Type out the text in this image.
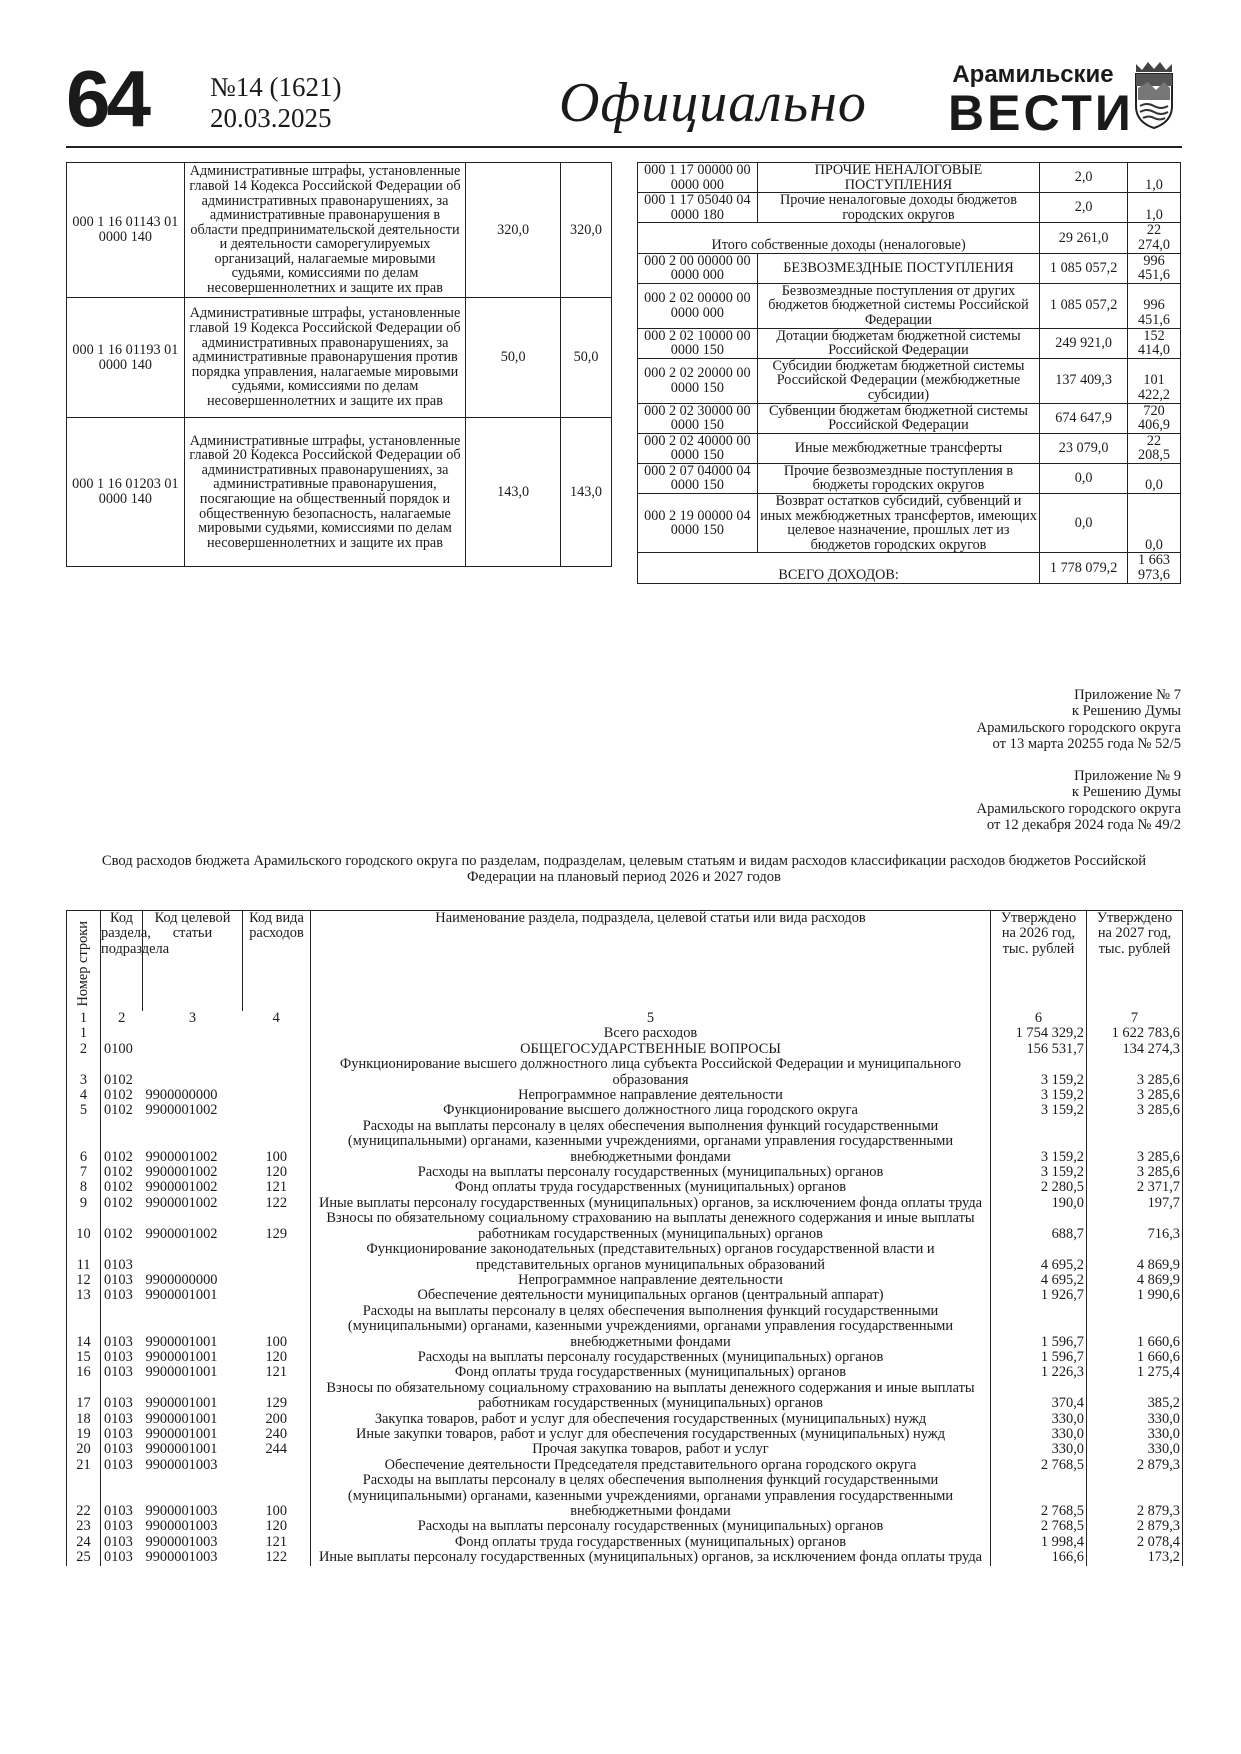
64 №14 (1621)
20.03.2025	Официально	Арамильские
ВЕСТИ
000 1 16 01143 01 0000 140	Административные штрафы, установленные главой 14 Кодекса Российской Федерации об административных правонарушениях, за административные правонарушения в области предпринимательской деятельности и деятельности саморегулируемых организаций, налагаемые мировыми судьями, комиссиями по делам несовершеннолетних и защите их прав	320,0	320,0
000 1 16 01193 01 0000 140	Административные штрафы, установленные главой 19 Кодекса Российской Федерации об административных правонарушениях, за административные правонарушения против порядка управления, налагаемые мировыми судьями, комиссиями по делам несовершеннолетних и защите их прав	50,0	50,0
000 1 16 01203 01 0000 140	Административные штрафы, установленные главой 20 Кодекса Российской Федерации об административных правонарушениях, за административные правонарушения, посягающие на общественный порядок и общественную безопасность, налагаемые мировыми судьями, комиссиями по делам несовершеннолетних и защите их прав	143,0	143,0
000 1 17 00000 00 0000 000	ПРОЧИЕ НЕНАЛОГОВЫЕ ПОСТУПЛЕНИЯ	2,0	1,0
000 1 17 05040 04 0000 180	Прочие неналоговые доходы бюджетов городских округов	2,0	1,0
Итого собственные доходы (неналоговые)		29 261,0	22 274,0
000 2 00 00000 00 0000 000	БЕЗВОЗМЕЗДНЫЕ ПОСТУПЛЕНИЯ	1 085 057,2	996 451,6
000 2 02 00000 00 0000 000	Безвозмездные поступления от других бюджетов бюджетной системы Российской Федерации	1 085 057,2	996 451,6
000 2 02 10000 00 0000 150	Дотации бюджетам бюджетной системы Российской Федерации	249 921,0	152 414,0
000 2 02 20000 00 0000 150	Субсидии бюджетам бюджетной системы Российской Федерации (межбюджетные субсидии)	137 409,3	101 422,2
000 2 02 30000 00 0000 150	Субвенции бюджетам бюджетной системы Российской Федерации	674 647,9	720 406,9
000 2 02 40000 00 0000 150	Иные межбюджетные трансферты	23 079,0	22 208,5
000 2 07 04000 04 0000 150	Прочие безвозмездные поступления в бюджеты городских округов	0,0	0,0
000 2 19 00000 04 0000 150	Возврат остатков субсидий, субвенций и иных межбюджетных трансфертов, имеющих целевое назначение, прошлых лет из бюджетов городских округов	0,0	0,0
ВСЕГО ДОХОДОВ:		1 778 079,2	1 663 973,6
Приложение № 7
к Решению Думы
Арамильского городского округа
от 13 марта 20255 года № 52/5
Приложение № 9
к Решению Думы
Арамильского городского округа
от 12 декабря 2024 года № 49/2
Свод расходов бюджета Арамильского городского округа по разделам, подразделам, целевым статьям и видам расходов классификации расходов бюджетов Российской Федерации на плановый период 2026 и 2027 годов
Номер строки	Код раздела, подраздела	Код целевой статьи	Код вида расходов	Наименование раздела, подраздела, целевой статьи или вида расходов	Утверждено на 2026 год, тыс. рублей	Утверждено на 2027 год, тыс. рублей
1	2	3	4	5	6	7
1				Всего расходов	1 754 329,2	1 622 783,6
2	0100			ОБЩЕГОСУДАРСТВЕННЫЕ ВОПРОСЫ	156 531,7	134 274,3
3	0102			Функционирование высшего должностного лица субъекта Российской Федерации и муниципального образования	3 159,2	3 285,6
4	0102	9900000000		Непрограммное направление деятельности	3 159,2	3 285,6
5	0102	9900001002		Функционирование высшего должностного лица городского округа	3 159,2	3 285,6
6	0102	9900001002	100	Расходы на выплаты персоналу в целях обеспечения выполнения функций государственными (муниципальными) органами, казенными учреждениями, органами управления государственными внебюджетными фондами	3 159,2	3 285,6
7	0102	9900001002	120	Расходы на выплаты персоналу государственных (муниципальных) органов	3 159,2	3 285,6
8	0102	9900001002	121	Фонд оплаты труда государственных (муниципальных) органов	2 280,5	2 371,7
9	0102	9900001002	122	Иные выплаты персоналу государственных (муниципальных) органов, за исключением фонда оплаты труда	190,0	197,7
10	0102	9900001002	129	Взносы по обязательному социальному страхованию на выплаты денежного содержания и иные выплаты работникам государственных (муниципальных) органов	688,7	716,3
11	0103			Функционирование законодательных (представительных) органов государственной власти и представительных органов муниципальных образований	4 695,2	4 869,9
12	0103	9900000000		Непрограммное направление деятельности	4 695,2	4 869,9
13	0103	9900001001		Обеспечение деятельности муниципальных органов (центральный аппарат)	1 926,7	1 990,6
14	0103	9900001001	100	Расходы на выплаты персоналу в целях обеспечения выполнения функций государственными (муниципальными) органами, казенными учреждениями, органами управления государственными внебюджетными фондами	1 596,7	1 660,6
15	0103	9900001001	120	Расходы на выплаты персоналу государственных (муниципальных) органов	1 596,7	1 660,6
16	0103	9900001001	121	Фонд оплаты труда государственных (муниципальных) органов	1 226,3	1 275,4
17	0103	9900001001	129	Взносы по обязательному социальному страхованию на выплаты денежного содержания и иные выплаты работникам государственных (муниципальных) органов	370,4	385,2
18	0103	9900001001	200	Закупка товаров, работ и услуг для обеспечения государственных (муниципальных) нужд	330,0	330,0
19	0103	9900001001	240	Иные закупки товаров, работ и услуг для обеспечения государственных (муниципальных) нужд	330,0	330,0
20	0103	9900001001	244	Прочая закупка товаров, работ и услуг	330,0	330,0
21	0103	9900001003		Обеспечение деятельности Председателя представительного органа городского округа	2 768,5	2 879,3
22	0103	9900001003	100	Расходы на выплаты персоналу в целях обеспечения выполнения функций государственными (муниципальными) органами, казенными учреждениями, органами управления государственными внебюджетными фондами	2 768,5	2 879,3
23	0103	9900001003	120	Расходы на выплаты персоналу государственных (муниципальных) органов	2 768,5	2 879,3
24	0103	9900001003	121	Фонд оплаты труда государственных (муниципальных) органов	1 998,4	2 078,4
25	0103	9900001003	122	Иные выплаты персоналу государственных (муниципальных) органов, за исключением фонда оплаты труда	166,6	173,2
